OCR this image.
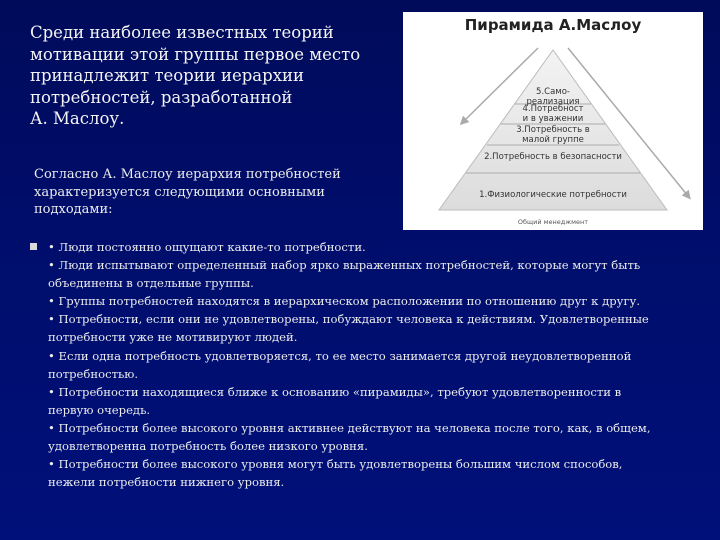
Среди наиболее известных теорий
мотивации этой группы первое место
принадлежит теории иерархии
потребностей, разработанной
А. Маслоу.
Согласно А. Маслоу иерархия потребностей
характеризуется следующими основными
подходами:
Пирамида А.Маслоу
5.Само-
реализация
4.Потребност
и в уважении
3.Потребность в
малой группе
2.Потребность в безопасности
1.Физиологические потребности
Общий менеджмент

• Люди постоянно ощущают какие-то потребности.

• Люди испытывают определенный набор ярко выраженных потребностей, которые могут быть

объединены в отдельные группы.

• Группы потребностей находятся в иерархическом расположении по отношению друг к другу.

• Потребности, если они не удовлетворены, побуждают человека к действиям. Удовлетворенные

потребности уже не мотивируют людей.

• Если одна потребность удовлетворяется, то ее место занимается другой неудовлетворенной

потребностью.

• Потребности находящиеся ближе к основанию «пирамиды», требуют удовлетворенности в

первую очередь.

• Потребности более высокого уровня активнее действуют на человека после того, как, в общем,

удовлетворенна потребность более низкого уровня.

• Потребности более высокого уровня могут быть удовлетворены большим числом способов,

нежели потребности нижнего уровня.
